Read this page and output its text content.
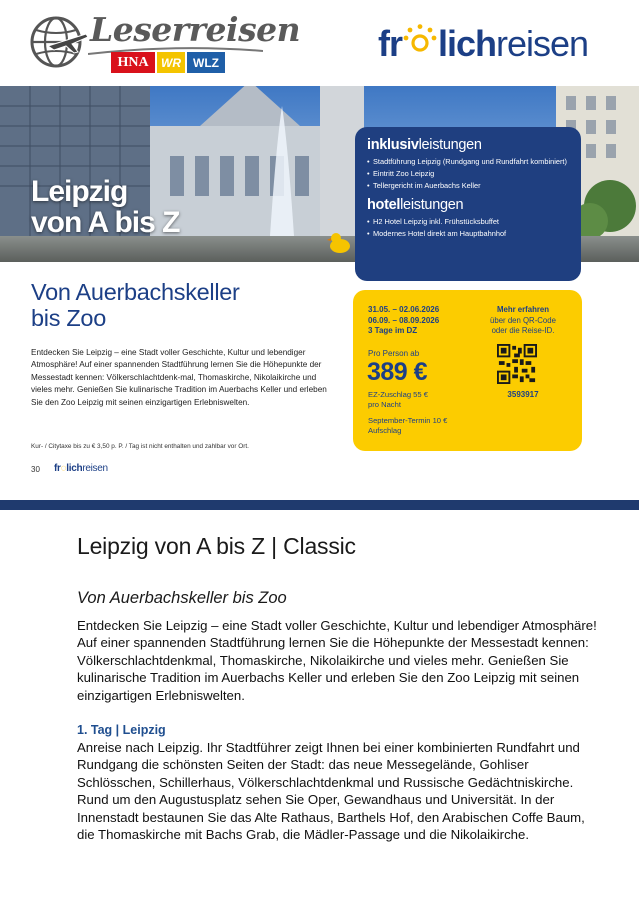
Leserreisen
HNA	WR	WLZ	fr lich reisen
Leipzig
von A bis Z
inklusivleistungen
• Stadtführung Leipzig (Rundgang und Rundfahrt kombiniert)
• Eintritt Zoo Leipzig
• Tellergericht im Auerbachs Keller
hotelleistungen
• H2 Hotel Leipzig inkl. Frühstücksbuffet
• Modernes Hotel direkt am Hauptbahnhof
31.05. – 02.06.2026
06.09. – 08.09.2026
3 Tage im DZ
Mehr erfahren
über den QR-Code
oder die Reise-ID.
Pro Person ab
389 €
EZ-Zuschlag 55 €
pro Nacht
September-Termin 10 €
Aufschlag
3593917
Von Auerbachskeller
bis Zoo
Entdecken Sie Leipzig – eine Stadt voller Geschichte, Kultur und lebendiger Atmosphäre! Auf einer spannenden Stadtführung lernen Sie die Höhepunkte der Messestadt kennen: Völkerschlachtdenk-mal, Thomaskirche, Nikolaikirche und vieles mehr. Genießen Sie kulinarische Tradition im Auerbachs Keller und erleben Sie den Zoo Leipzig mit seinen einzigartigen Erlebniswelten.
Kur- / Citytaxe bis zu € 3,50 p. P. / Tag ist nicht enthalten und zahlbar vor Ort.
30 fr◌lichreisen
Leipzig von A bis Z | Classic
Von Auerbachskeller bis Zoo
Entdecken Sie Leipzig – eine Stadt voller Geschichte, Kultur und lebendiger Atmosphäre! Auf einer spannenden Stadtführung lernen Sie die Höhepunkte der Messestadt kennen: Völkerschlachtdenkmal, Thomaskirche, Nikolaikirche und vieles mehr. Genießen Sie kulinarische Tradition im Auerbachs Keller und erleben Sie den Zoo Leipzig mit seinen einzigartigen Erlebniswelten.
1. Tag | Leipzig
Anreise nach Leipzig. Ihr Stadtführer zeigt Ihnen bei einer kombinierten Rundfahrt und Rundgang die schönsten Seiten der Stadt: das neue Messegelände, Gohliser Schlösschen, Schillerhaus, Völkerschlachtdenkmal und Russische Gedächtniskirche. Rund um den Augustusplatz sehen Sie Oper, Gewandhaus und Universität. In der Innenstadt bestaunen Sie das Alte Rathaus, Barthels Hof, den Arabischen Coffe Baum, die Thomaskirche mit Bachs Grab, die Mädler-Passage und die Nikolaikirche.
